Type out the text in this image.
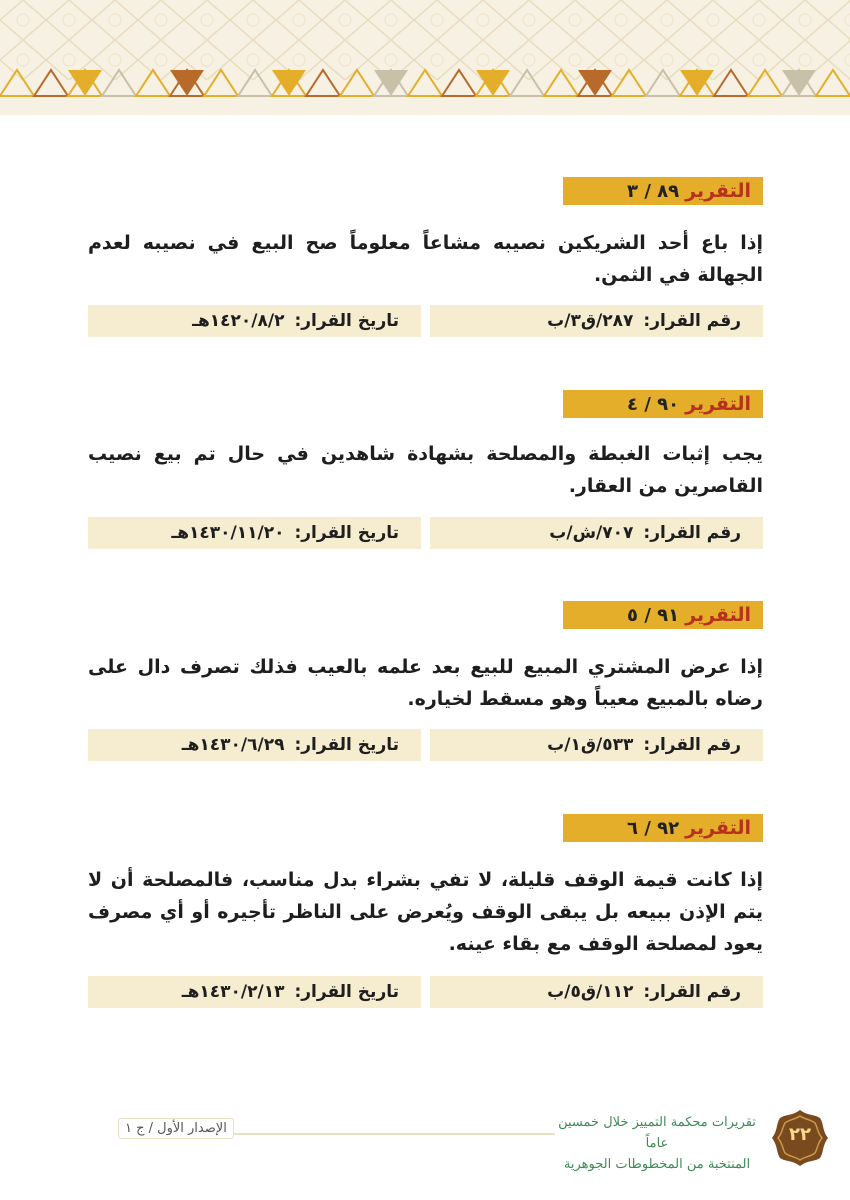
التقرير
٨٩ / ٣
إذا باع أحد الشريكين نصيبه مشاعاً معلوماً صح البيع في نصيبه لعدم الجهالة في الثمن.
رقم القرار:
٢٨٧/ق٣/ب
تاريخ القرار:
١٤٢٠/٨/٢هـ
التقرير
٩٠ / ٤
يجب إثبات الغبطة والمصلحة بشهادة شاهدين في حال تم بيع نصيب القاصرين من العقار.
رقم القرار:
٧٠٧/ش/ب
تاريخ القرار:
١٤٣٠/١١/٢٠هـ
التقرير
٩١ / ٥
إذا عرض المشتري المبيع للبيع بعد علمه بالعيب فذلك تصرف دال على رضاه بالمبيع معيباً وهو مسقط لخياره.
رقم القرار:
٥٣٣/ق١/ب
تاريخ القرار:
١٤٣٠/٦/٢٩هـ
التقرير
٩٢ / ٦
إذا كانت قيمة الوقف قليلة، لا تفي بشراء بدل مناسب، فالمصلحة أن لا يتم الإذن ببيعه بل يبقى الوقف ويُعرض على الناظر تأجيره أو أي مصرف يعود لمصلحة الوقف مع بقاء عينه.
رقم القرار:
١١٢/ق٥/ب
تاريخ القرار:
١٤٣٠/٢/١٣هـ
الإصدار الأول / ج ١	تقريرات محكمة التمييز خلال خمسين عاماً
المنتخبة من المخطوطات الجوهرية
٢٢
